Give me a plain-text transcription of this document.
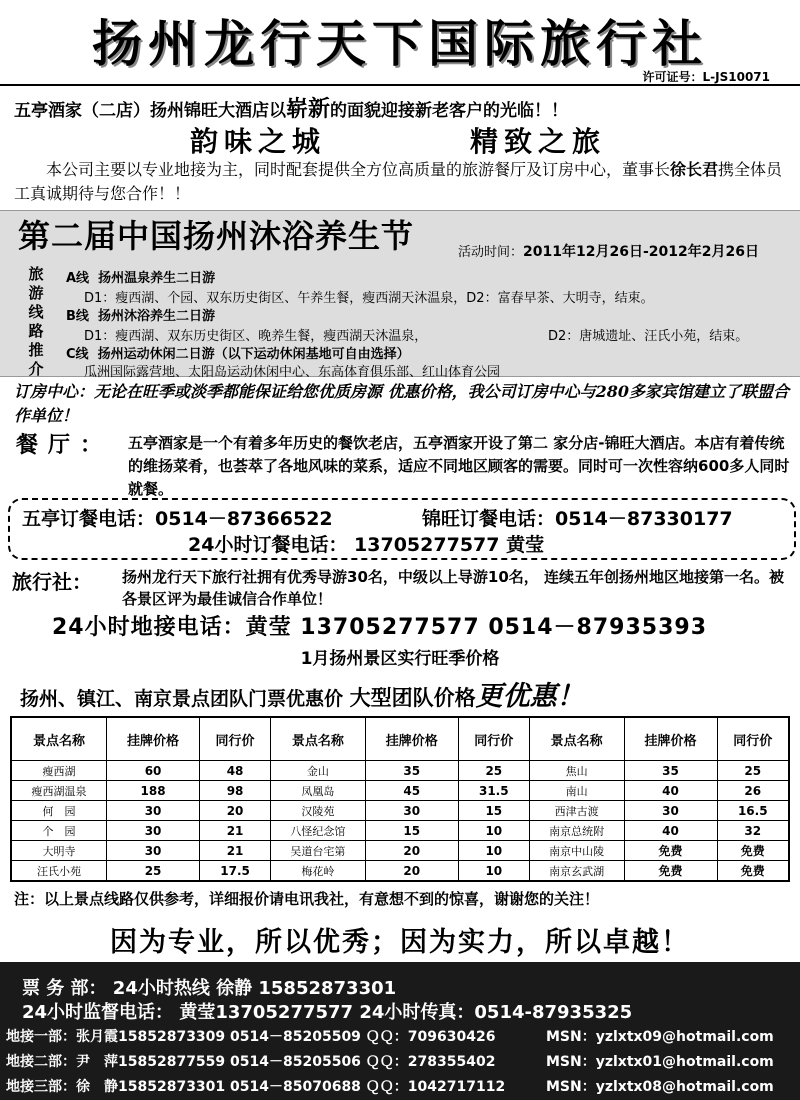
扬州龙行天下国际旅行社
许可证号：L-JS10071
五亭酒家（二店）扬州锦旺大酒店以崭新的面貌迎接新老客户的光临！！
韵味之城	精致之旅
本公司主要以专业地接为主，同时配套提供全方位高质量的旅游餐厅及订房中心，董事长徐长君携全体员工真诚期待与您合作！！
第二届中国扬州沐浴养生节	活动时间：2011年12月26日-2012年2月26日
旅游线路推介
A线 扬州温泉养生二日游
D1：瘦西湖、个园、双东历史街区、午养生餐，瘦西湖天沐温泉，D2：富春早茶、大明寺，结束。
B线 扬州沐浴养生二日游
D1：瘦西湖、双东历史街区、晚养生餐，瘦西湖天沐温泉，	D2：唐城遗址、汪氏小苑，结束。
C线 扬州运动休闲二日游（以下运动休闲基地可自由选择）
瓜洲国际露营地、太阳岛运动休闲中心、东高体育俱乐部、红山体育公园
订房中心：无论在旺季或淡季都能保证给您优质房源 优惠价格，我公司订房中心与280多家宾馆建立了联盟合作单位！
餐厅： 五亭酒家是一个有着多年历史的餐饮老店，五亭酒家开设了第二 家分店-锦旺大酒店。本店有着传统的维扬菜肴，也荟萃了各地风味的菜系，适应不同地区顾客的需要。同时可一次性容纳600多人同时就餐。
五亭订餐电话：0514－87366522	锦旺订餐电话：0514－87330177
24小时订餐电话： 13705277577 黄莹
旅行社： 扬州龙行天下旅行社拥有优秀导游30名，中级以上导游10名， 连续五年创扬州地区地接第一名。被各景区评为最佳诚信合作单位！
24小时地接电话：黄莹 13705277577 0514－87935393
1月扬州景区实行旺季价格
扬州、镇江、南京景点团队门票优惠价 大型团队价格更优惠！
景点名称	挂牌价格	同行价	景点名称	挂牌价格	同行价	景点名称	挂牌价格	同行价
瘦西湖	60	48	金山	35	25	焦山	35	25
瘦西湖温泉	188	98	凤凰岛	45	31.5	南山	40	26
何　园	30	20	汉陵苑	30	15	西津古渡	30	16.5
个　园	30	21	八怪纪念馆	15	10	南京总统附	40	32
大明寺	30	21	吴道台宅第	20	10	南京中山陵	免费	免费
汪氏小苑	25	17.5	梅花岭	20	10	南京玄武湖	免费	免费
注：以上景点线路仅供参考，详细报价请电讯我社，有意想不到的惊喜，谢谢您的关注！
因为专业，所以优秀；因为实力，所以卓越！
票 务 部： 24小时热线 徐静 15852873301
24小时监督电话： 黄莹13705277577 24小时传真：0514-87935325
地接一部：张月霞15852873309 0514－85205509 ＱＱ：709630426	MSN：yzlxtx09@hotmail.com
地接二部：尹　萍15852877559 0514－85205506 ＱＱ：278355402	MSN：yzlxtx01@hotmail.com
地接三部：徐　静15852873301 0514－85070688 ＱＱ：1042717112	MSN：yzlxtx08@hotmail.com
